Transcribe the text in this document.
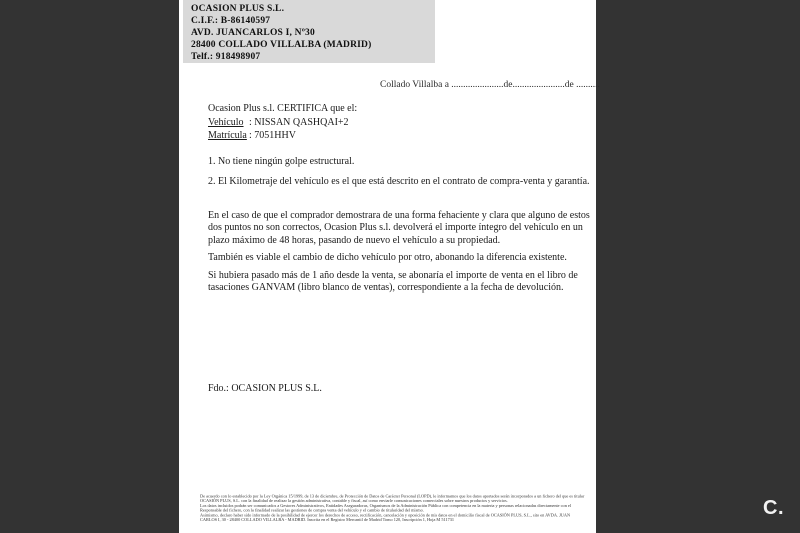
OCASION PLUS S.L.
C.I.F.: B-86140597
AVD. JUANCARLOS I, Nº30
28400 COLLADO VILLALBA (MADRID)
Telf.: 918498907
Collado Villalba a ......................de......................de ..........
Ocasion Plus s.l. CERTIFICA que el:
Vehículo : NISSAN QASHQAI+2
Matrícula : 7051HHV
1. No tiene ningún golpe estructural.
2. El Kilometraje del vehículo es el que está descrito en el contrato de compra-venta y garantía.
En el caso de que el comprador demostrara de una forma fehaciente y clara que alguno de estos dos puntos no son correctos, Ocasion Plus s.l. devolverá el importe íntegro del vehículo en un plazo máximo de 48 horas, pasando de nuevo el vehículo a su propiedad.
También es viable el cambio de dicho vehículo por otro, abonando la diferencia existente.
Si hubiera pasado más de 1 año desde la venta, se abonaría el importe de venta en el libro de tasaciones GANVAM (libro blanco de ventas), correspondiente a la fecha de devolución.
Fdo.: OCASION PLUS S.L.
De acuerdo con lo establecido por la Ley Orgánica 15/1999, de 13 de diciembre, de Protección de Datos de Carácter Personal (LOPD), le informamos que los datos aportados serán incorporados a un fichero del que es titular
OCASIÓN PLUS, S.L. con la finalidad de realizar la gestión administrativa, contable y fiscal, así como enviarle comunicaciones comerciales sobre nuestros productos y servicios.
Los datos incluidos podrán ser comunicados a Gestores Administrativos, Entidades Aseguradoras, Organismos de la Administración Pública con competencia en la materia y personas relacionadas directamente con el
Responsable del fichero, con la finalidad realizar las gestiones de compra venta del vehículo y el cambio de titularidad del mismo.
Asimismo, declaro haber sido informado de la posibilidad de ejercer los derechos de acceso, rectificación, cancelación y oposición de mis datos en el domicilio fiscal de OCASIÓN PLUS, S.L., sito en AVDA. JUAN
CARLOS I, 30 - 28400 COLLADO VILLALBA - MADRID. Inscrita en el Registro Mercantil de Madrid Tomo 120, Inscripción 1, Hoja M 511731
C.
